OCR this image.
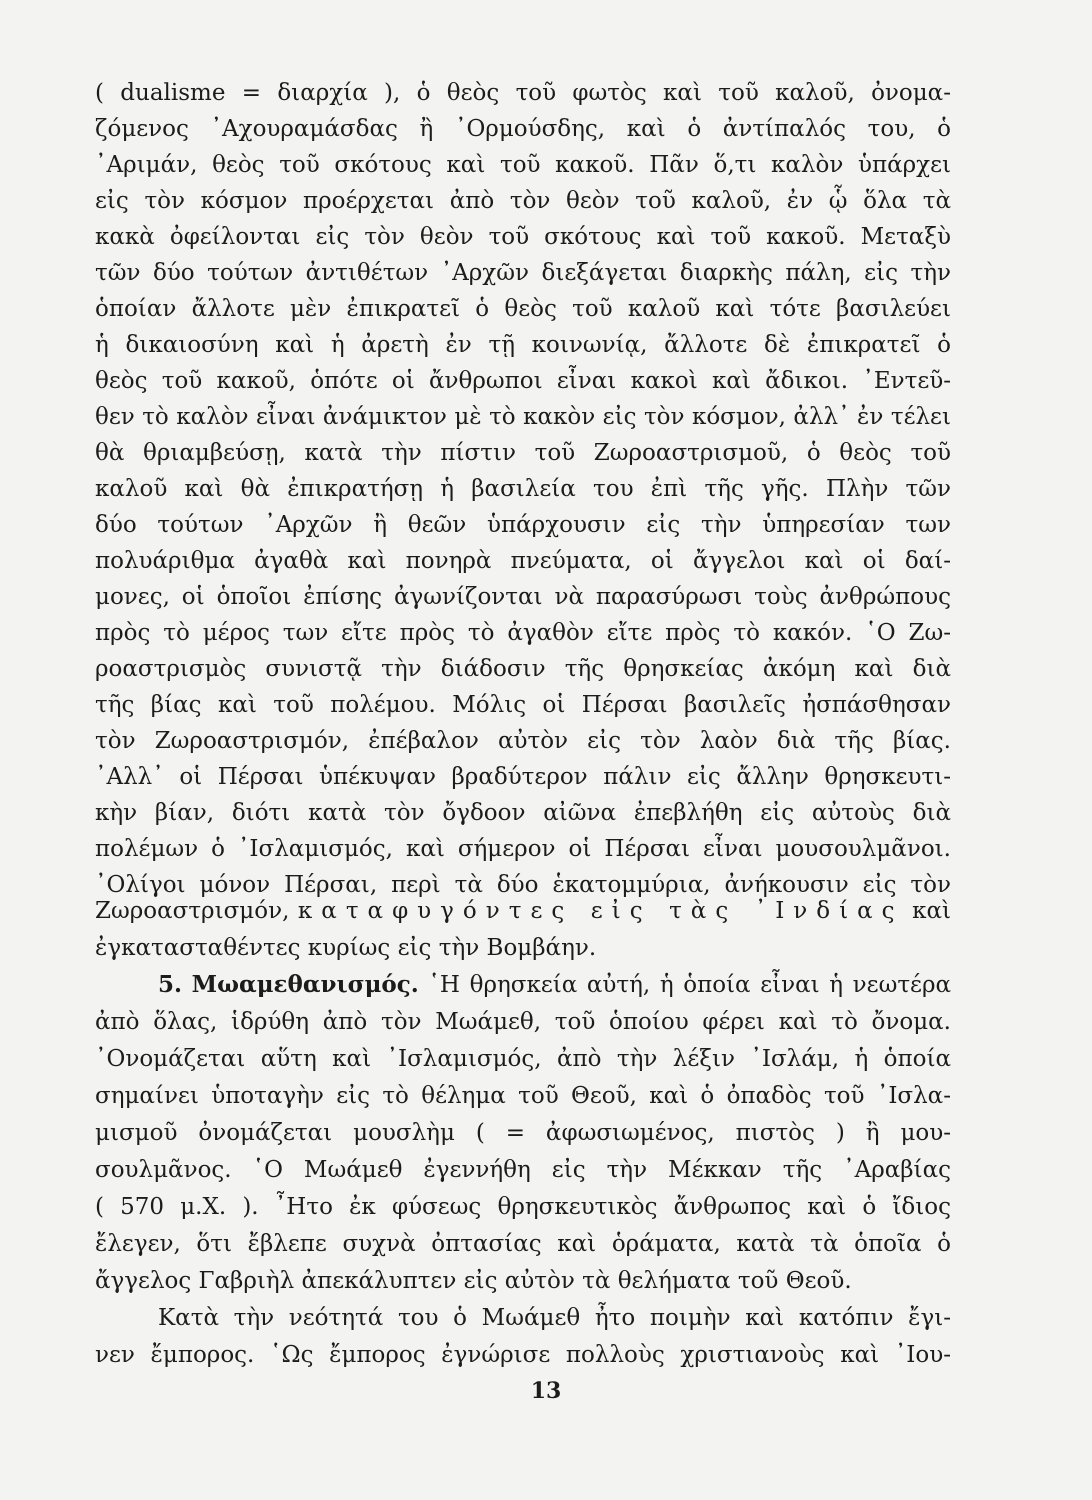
( dualisme = διαρχία ), ὁ θεὸς τοῦ φωτὸς καὶ τοῦ καλοῦ, ὀνομα-
ζόμενος ᾿Αχουραμάσδας ἢ ᾿Ορμούσδης, καὶ ὁ ἀντίπαλός του, ὁ
᾿Αριμάν, θεὸς τοῦ σκότους καὶ τοῦ κακοῦ. Πᾶν ὅ,τι καλὸν ὑπάρχει
εἰς τὸν κόσμον προέρχεται ἀπὸ τὸν θεὸν τοῦ καλοῦ, ἐν ᾧ ὅλα τὰ
κακὰ ὀφείλονται εἰς τὸν θεὸν τοῦ σκότους καὶ τοῦ κακοῦ. Μεταξὺ
τῶν δύο τούτων ἀντιθέτων ᾿Αρχῶν διεξάγεται διαρκὴς πάλη, εἰς τὴν
ὁποίαν ἄλλοτε μὲν ἐπικρατεῖ ὁ θεὸς τοῦ καλοῦ καὶ τότε βασιλεύει
ἡ δικαιοσύνη καὶ ἡ ἀρετὴ ἐν τῇ κοινωνίᾳ, ἄλλοτε δὲ ἐπικρατεῖ ὁ
θεὸς τοῦ κακοῦ, ὁπότε οἱ ἄνθρωποι εἶναι κακοὶ καὶ ἄδικοι. ᾿Εντεῦ-
θεν τὸ καλὸν εἶναι ἀνάμικτον μὲ τὸ κακὸν εἰς τὸν κόσμον, ἀλλ᾿ ἐν τέλει
θὰ θριαμβεύσῃ, κατὰ τὴν πίστιν τοῦ Ζωροαστρισμοῦ, ὁ θεὸς τοῦ
καλοῦ καὶ θὰ ἐπικρατήσῃ ἡ βασιλεία του ἐπὶ τῆς γῆς. Πλὴν τῶν
δύο τούτων ᾿Αρχῶν ἢ θεῶν ὑπάρχουσιν εἰς τὴν ὑπηρεσίαν των
πολυάριθμα ἀγαθὰ καὶ πονηρὰ πνεύματα, οἱ ἄγγελοι καὶ οἱ δαί-
μονες, οἱ ὁποῖοι ἐπίσης ἀγωνίζονται νὰ παρασύρωσι τοὺς ἀνθρώπους
πρὸς τὸ μέρος των εἴτε πρὸς τὸ ἀγαθὸν εἴτε πρὸς τὸ κακόν. ῾Ο Ζω-
ροαστρισμὸς συνιστᾷ τὴν διάδοσιν τῆς θρησκείας ἀκόμη καὶ διὰ
τῆς βίας καὶ τοῦ πολέμου. Μόλις οἱ Πέρσαι βασιλεῖς ἠσπάσθησαν
τὸν Ζωροαστρισμόν, ἐπέβαλον αὐτὸν εἰς τὸν λαὸν διὰ τῆς βίας.
᾿Αλλ᾿ οἱ Πέρσαι ὑπέκυψαν βραδύτερον πάλιν εἰς ἄλλην θρησκευτι-
κὴν βίαν, διότι κατὰ τὸν ὄγδοον αἰῶνα ἐπεβλήθη εἰς αὐτοὺς διὰ
πολέμων ὁ ᾿Ισλαμισμός, καὶ σήμερον οἱ Πέρσαι εἶναι μουσουλμᾶνοι.
᾿Ολίγοι μόνον Πέρσαι, περὶ τὰ δύο ἑκατομμύρια, ἀνήκουσιν εἰς τὸν
Ζωροαστρισμόν, καταφυγόντες εἰς τὰς ᾿Ινδίας καὶ
ἐγκατασταθέντες κυρίως εἰς τὴν Βομβάην.
5. Μωαμεθανισμός. ῾Η θρησκεία αὐτή, ἡ ὁποία εἶναι ἡ νεωτέρα
ἀπὸ ὅλας, ἱδρύθη ἀπὸ τὸν Μωάμεθ, τοῦ ὁποίου φέρει καὶ τὸ ὄνομα.
᾿Ονομάζεται αὕτη καὶ ᾿Ισλαμισμός, ἀπὸ τὴν λέξιν ᾿Ισλάμ, ἡ ὁποία
σημαίνει ὑποταγὴν εἰς τὸ θέλημα τοῦ Θεοῦ, καὶ ὁ ὀπαδὸς τοῦ ᾿Ισλα-
μισμοῦ ὀνομάζεται μουσλὴμ ( = ἀφωσιωμένος, πιστὸς ) ἢ μου-
σουλμᾶνος. ῾Ο Μωάμεθ ἐγεννήθη εἰς τὴν Μέκκαν τῆς ᾿Αραβίας
( 570 μ.Χ. ). ῏Ητο ἐκ φύσεως θρησκευτικὸς ἄνθρωπος καὶ ὁ ἴδιος
ἔλεγεν, ὅτι ἔβλεπε συχνὰ ὀπτασίας καὶ ὁράματα, κατὰ τὰ ὁποῖα ὁ
ἄγγελος Γαβριὴλ ἀπεκάλυπτεν εἰς αὐτὸν τὰ θελήματα τοῦ Θεοῦ.
Κατὰ τὴν νεότητά του ὁ Μωάμεθ ἦτο ποιμὴν καὶ κατόπιν ἔγι-
13
νεν ἔμπορος. ῾Ως ἔμπορος ἐγνώρισε πολλοὺς χριστιανοὺς καὶ ᾿Ιου-
